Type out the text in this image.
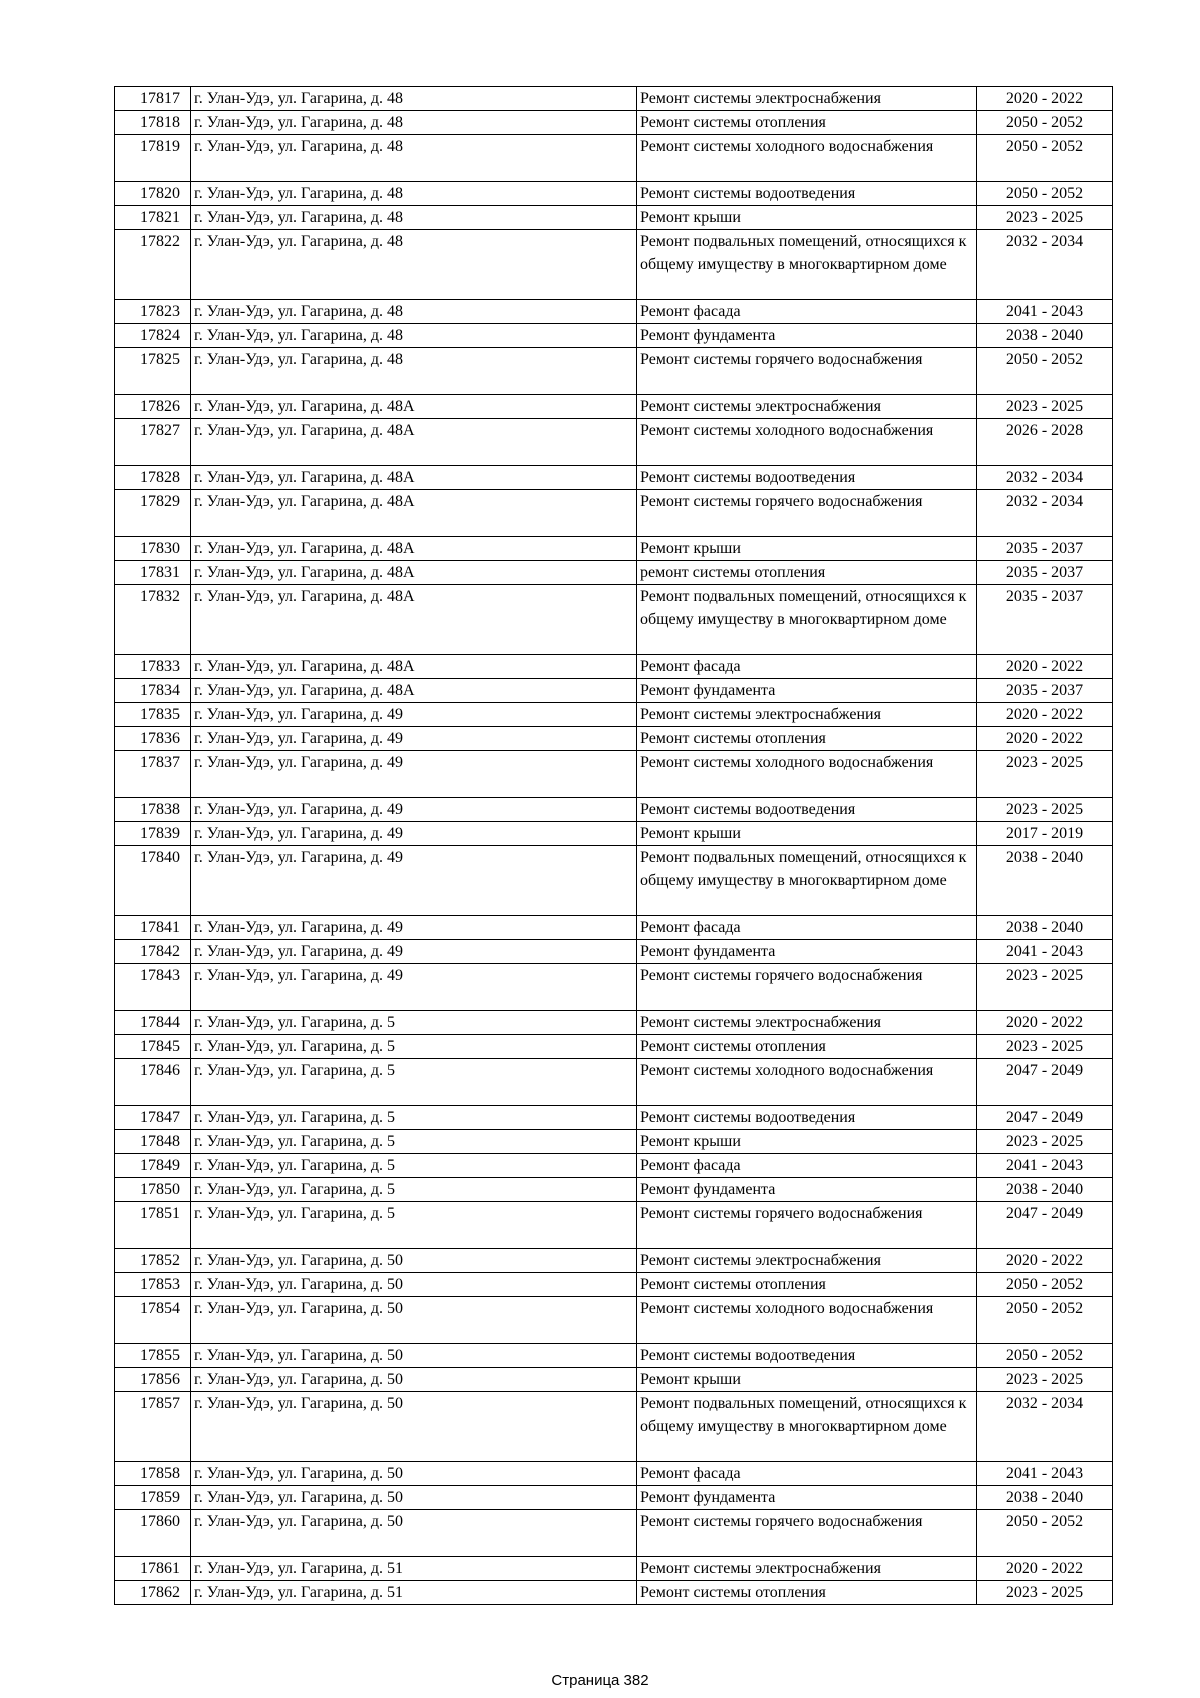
17817	г. Улан-Удэ, ул. Гагарина, д. 48	Ремонт системы электроснабжения	2020 - 2022
17818	г. Улан-Удэ, ул. Гагарина, д. 48	Ремонт системы отопления	2050 - 2052
17819	г. Улан-Удэ, ул. Гагарина, д. 48	Ремонт системы холодного водоснабжения	2050 - 2052
17820	г. Улан-Удэ, ул. Гагарина, д. 48	Ремонт системы водоотведения	2050 - 2052
17821	г. Улан-Удэ, ул. Гагарина, д. 48	Ремонт крыши	2023 - 2025
17822	г. Улан-Удэ, ул. Гагарина, д. 48	Ремонт подвальных помещений, относящихся к общему имуществу в многоквартирном доме	2032 - 2034
17823	г. Улан-Удэ, ул. Гагарина, д. 48	Ремонт фасада	2041 - 2043
17824	г. Улан-Удэ, ул. Гагарина, д. 48	Ремонт фундамента	2038 - 2040
17825	г. Улан-Удэ, ул. Гагарина, д. 48	Ремонт системы горячего водоснабжения	2050 - 2052
17826	г. Улан-Удэ, ул. Гагарина, д. 48А	Ремонт системы электроснабжения	2023 - 2025
17827	г. Улан-Удэ, ул. Гагарина, д. 48А	Ремонт системы холодного водоснабжения	2026 - 2028
17828	г. Улан-Удэ, ул. Гагарина, д. 48А	Ремонт системы водоотведения	2032 - 2034
17829	г. Улан-Удэ, ул. Гагарина, д. 48А	Ремонт системы горячего водоснабжения	2032 - 2034
17830	г. Улан-Удэ, ул. Гагарина, д. 48А	Ремонт крыши	2035 - 2037
17831	г. Улан-Удэ, ул. Гагарина, д. 48А	ремонт системы отопления	2035 - 2037
17832	г. Улан-Удэ, ул. Гагарина, д. 48А	Ремонт подвальных помещений, относящихся к общему имуществу в многоквартирном доме	2035 - 2037
17833	г. Улан-Удэ, ул. Гагарина, д. 48А	Ремонт фасада	2020 - 2022
17834	г. Улан-Удэ, ул. Гагарина, д. 48А	Ремонт фундамента	2035 - 2037
17835	г. Улан-Удэ, ул. Гагарина, д. 49	Ремонт системы электроснабжения	2020 - 2022
17836	г. Улан-Удэ, ул. Гагарина, д. 49	Ремонт системы отопления	2020 - 2022
17837	г. Улан-Удэ, ул. Гагарина, д. 49	Ремонт системы холодного водоснабжения	2023 - 2025
17838	г. Улан-Удэ, ул. Гагарина, д. 49	Ремонт системы водоотведения	2023 - 2025
17839	г. Улан-Удэ, ул. Гагарина, д. 49	Ремонт крыши	2017 - 2019
17840	г. Улан-Удэ, ул. Гагарина, д. 49	Ремонт подвальных помещений, относящихся к общему имуществу в многоквартирном доме	2038 - 2040
17841	г. Улан-Удэ, ул. Гагарина, д. 49	Ремонт фасада	2038 - 2040
17842	г. Улан-Удэ, ул. Гагарина, д. 49	Ремонт фундамента	2041 - 2043
17843	г. Улан-Удэ, ул. Гагарина, д. 49	Ремонт системы горячего водоснабжения	2023 - 2025
17844	г. Улан-Удэ, ул. Гагарина, д. 5	Ремонт системы электроснабжения	2020 - 2022
17845	г. Улан-Удэ, ул. Гагарина, д. 5	Ремонт системы отопления	2023 - 2025
17846	г. Улан-Удэ, ул. Гагарина, д. 5	Ремонт системы холодного водоснабжения	2047 - 2049
17847	г. Улан-Удэ, ул. Гагарина, д. 5	Ремонт системы водоотведения	2047 - 2049
17848	г. Улан-Удэ, ул. Гагарина, д. 5	Ремонт крыши	2023 - 2025
17849	г. Улан-Удэ, ул. Гагарина, д. 5	Ремонт фасада	2041 - 2043
17850	г. Улан-Удэ, ул. Гагарина, д. 5	Ремонт фундамента	2038 - 2040
17851	г. Улан-Удэ, ул. Гагарина, д. 5	Ремонт системы горячего водоснабжения	2047 - 2049
17852	г. Улан-Удэ, ул. Гагарина, д. 50	Ремонт системы электроснабжения	2020 - 2022
17853	г. Улан-Удэ, ул. Гагарина, д. 50	Ремонт системы отопления	2050 - 2052
17854	г. Улан-Удэ, ул. Гагарина, д. 50	Ремонт системы холодного водоснабжения	2050 - 2052
17855	г. Улан-Удэ, ул. Гагарина, д. 50	Ремонт системы водоотведения	2050 - 2052
17856	г. Улан-Удэ, ул. Гагарина, д. 50	Ремонт крыши	2023 - 2025
17857	г. Улан-Удэ, ул. Гагарина, д. 50	Ремонт подвальных помещений, относящихся к общему имуществу в многоквартирном доме	2032 - 2034
17858	г. Улан-Удэ, ул. Гагарина, д. 50	Ремонт фасада	2041 - 2043
17859	г. Улан-Удэ, ул. Гагарина, д. 50	Ремонт фундамента	2038 - 2040
17860	г. Улан-Удэ, ул. Гагарина, д. 50	Ремонт системы горячего водоснабжения	2050 - 2052
17861	г. Улан-Удэ, ул. Гагарина, д. 51	Ремонт системы электроснабжения	2020 - 2022
17862	г. Улан-Удэ, ул. Гагарина, д. 51	Ремонт системы отопления	2023 - 2025
Страница 382
